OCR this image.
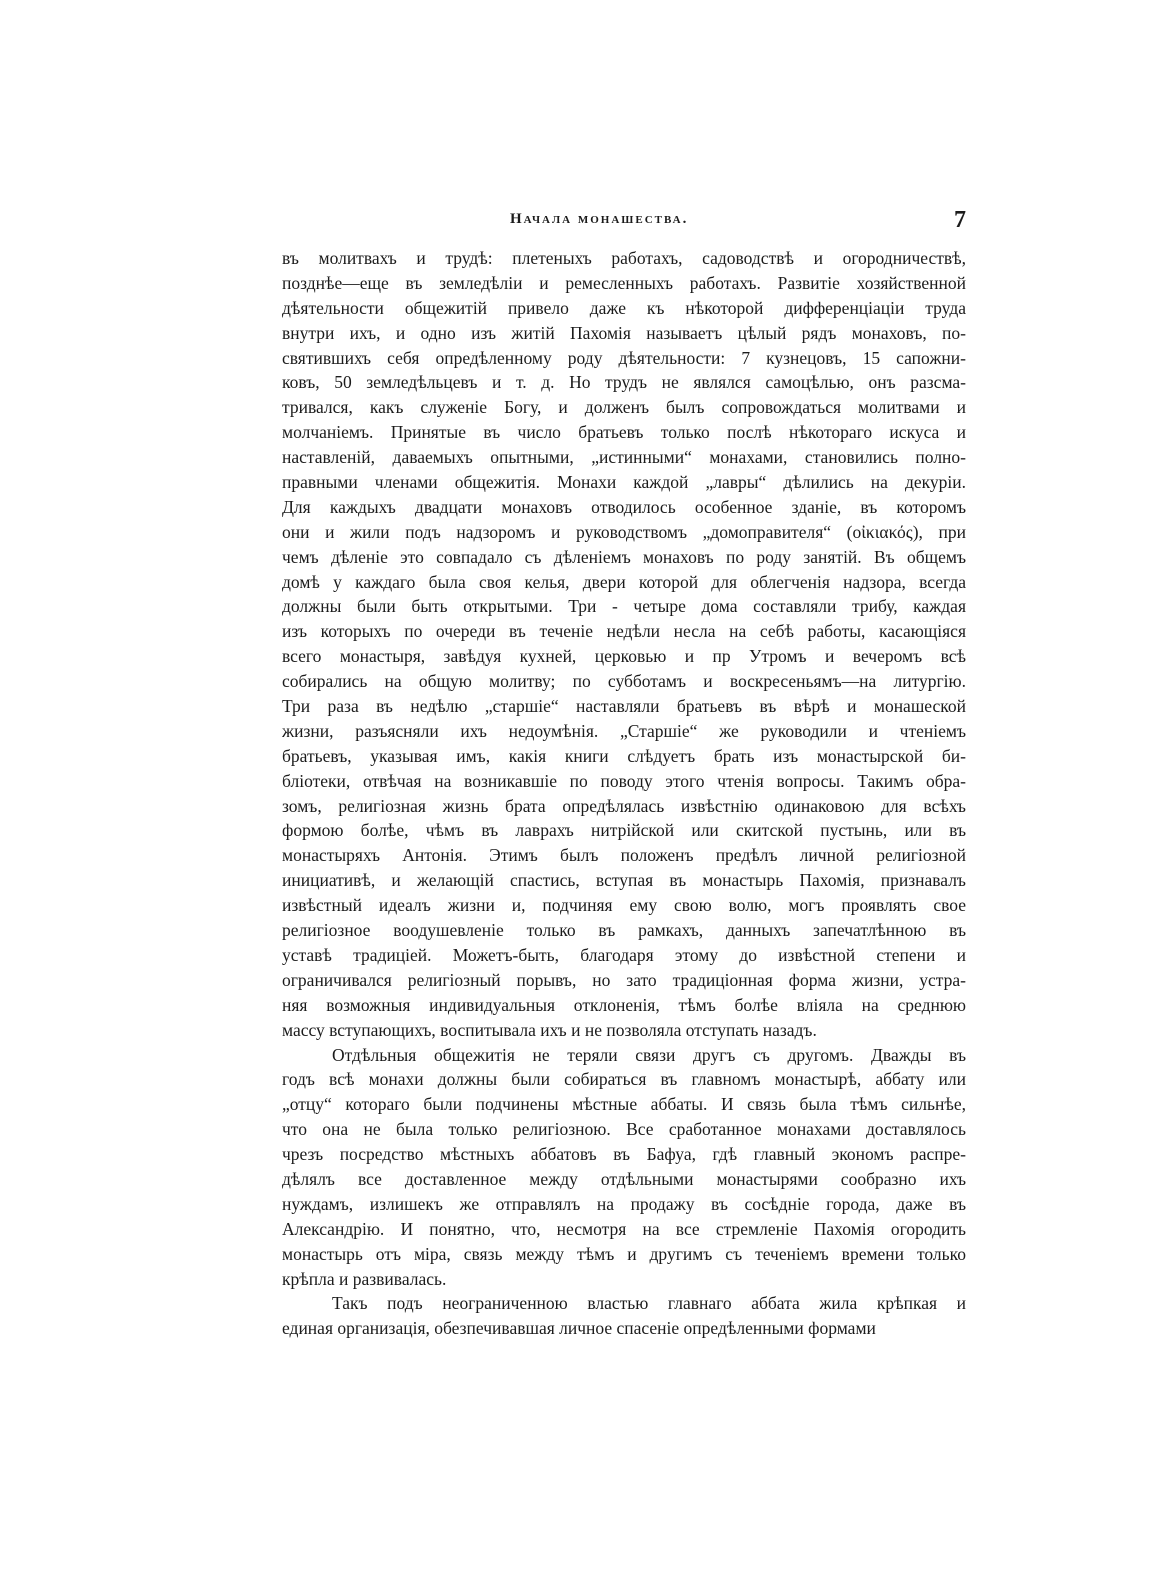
Начала монашества.	7
въ молитвахъ и трудѣ: плетеныхъ работахъ, садоводствѣ и огородничествѣ,
позднѣе—еще въ земледѣлiи и ремесленныхъ работахъ. Развитiе хозяйственной
дѣятельности общежитiй привело даже къ нѣкоторой дифференцiацiи труда
внутри ихъ, и одно изъ житiй Пахомiя называетъ цѣлый рядъ монаховъ, по-
святившихъ себя опредѣленному роду дѣятельности: 7 кузнецовъ, 15 сапожни-
ковъ, 50 земледѣльцевъ и т. д. Но трудъ не являлся самоцѣлью, онъ разсма-
тривался, какъ служенiе Богу, и долженъ былъ сопровождаться молитвами и
молчанiемъ. Принятые въ число братьевъ только послѣ нѣкотораго искуса и
наставленiй, даваемыхъ опытными, „истинными“ монахами, становились полно-
правными членами общежитiя. Монахи каждой „лавры“ дѣлились на декурiи.
Для каждыхъ двадцати монаховъ отводилось особенное зданiе, въ которомъ
они и жили подъ надзоромъ и руководствомъ „домоправителя“ (οἰκιακός), при
чемъ дѣленiе это совпадало съ дѣленiемъ монаховъ по роду занятiй. Въ общемъ
домѣ у каждаго была своя келья, двери которой для облегченiя надзора, всегда
должны были быть открытыми. Три - четыре дома составляли трибу, каждая
изъ которыхъ по очереди въ теченiе недѣли несла на себѣ работы, касающiяся
всего монастыря, завѣдуя кухней, церковью и пр Утромъ и вечеромъ всѣ
собирались на общую молитву; по субботамъ и воскресеньямъ—на литургiю.
Три раза въ недѣлю „старшiе“ наставляли братьевъ въ вѣрѣ и монашеской
жизни, разъясняли ихъ недоумѣнiя. „Старшiе“ же руководили и чтенiемъ
братьевъ, указывая имъ, какiя книги слѣдуетъ брать изъ монастырской би-
блiотеки, отвѣчая на возникавшiе по поводу этого чтенiя вопросы. Такимъ обра-
зомъ, религiозная жизнь брата опредѣлялась извѣстнiю одинаковою для всѣхъ
формою болѣе, чѣмъ въ лаврахъ нитрiйской или скитской пустынь, или въ
монастыряхъ Антонiя. Этимъ былъ положенъ предѣлъ личной религiозной
инициативѣ, и желающiй спастись, вступая въ монастырь Пахомiя, признавалъ
извѣстный идеалъ жизни и, подчиняя ему свою волю, могъ проявлять свое
религiозное воодушевленiе только въ рамкахъ, данныхъ запечатлѣнною въ
уставѣ традицiей. Можетъ-быть, благодаря этому до извѣстной степени и
ограничивался религiозный порывъ, но зато традицiонная форма жизни, устра-
няя возможныя индивидуальныя отклоненiя, тѣмъ болѣе влiяла на среднюю
массу вступающихъ, воспитывала ихъ и не позволяла отступать назадъ.
Отдѣльныя общежитiя не теряли связи другъ съ другомъ. Дважды въ
годъ всѣ монахи должны были собираться въ главномъ монастырѣ, аббату или
„отцу“ котораго были подчинены мѣстные аббаты. И связь была тѣмъ сильнѣе,
что она не была только религiозною. Все сработанное монахами доставлялось
чрезъ посредство мѣстныхъ аббатовъ въ Бафуа, гдѣ главный экономъ распре-
дѣлялъ все доставленное между отдѣльными монастырями сообразно ихъ
нуждамъ, излишекъ же отправлялъ на продажу въ сосѣднiе города, даже въ
Александрiю. И понятно, что, несмотря на все стремленiе Пахомiя огородить
монастырь отъ мiра, связь между тѣмъ и другимъ съ теченiемъ времени только
крѣпла и развивалась.
Такъ подъ неограниченною властью главнаго аббата жила крѣпкая и
единая организацiя, обезпечивавшая личное спасенiе опредѣленными формами
